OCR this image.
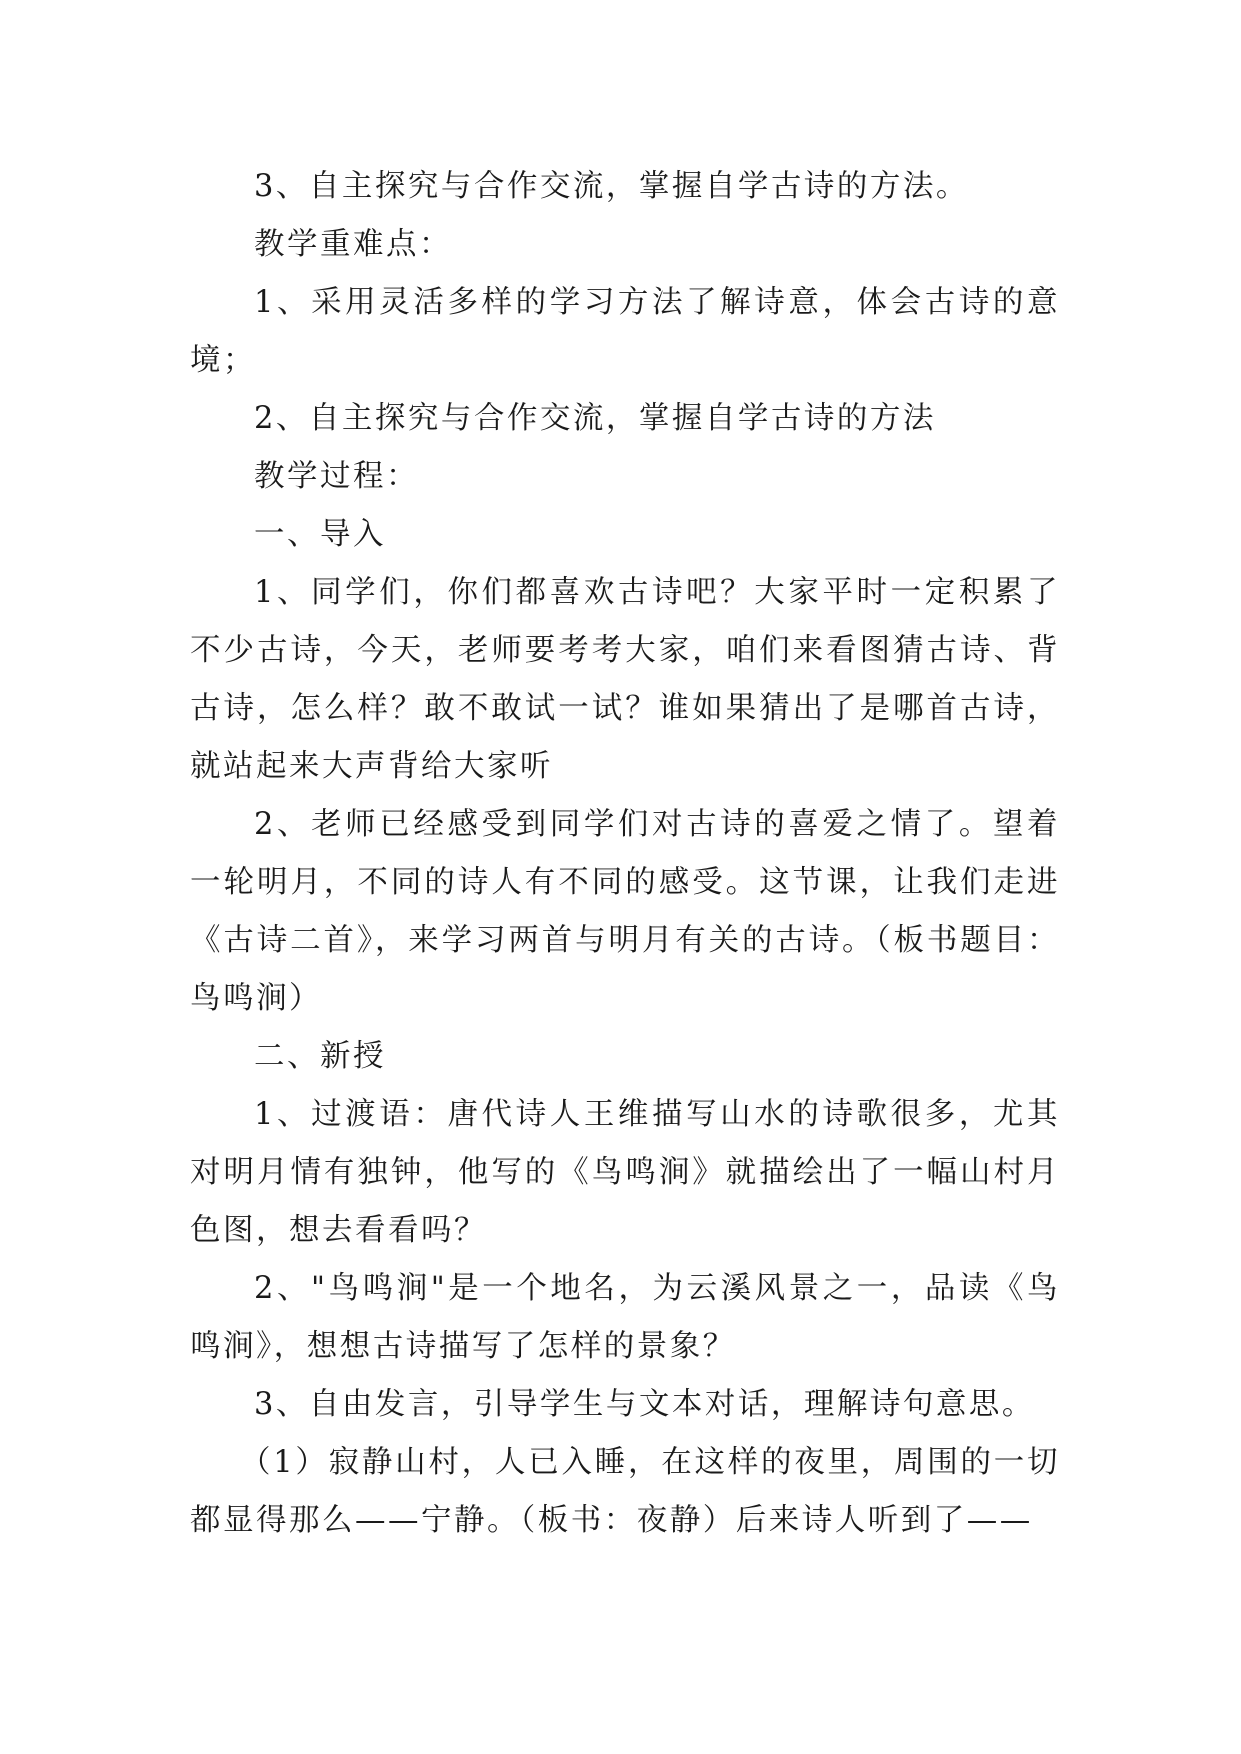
3、自主探究与合作交流，掌握自学古诗的方法。

教学重难点：

1、采用灵活多样的学习方法了解诗意，体会古诗的意境；

2、自主探究与合作交流，掌握自学古诗的方法

教学过程：

一、导入

1、同学们，你们都喜欢古诗吧？大家平时一定积累了不少古诗，今天，老师要考考大家，咱们来看图猜古诗、背古诗，怎么样？敢不敢试一试？谁如果猜出了是哪首古诗，就站起来大声背给大家听

2、老师已经感受到同学们对古诗的喜爱之情了。望着一轮明月，不同的诗人有不同的感受。这节课，让我们走进《古诗二首》，来学习两首与明月有关的古诗。（板书题目：鸟鸣涧）

二、新授

1、过渡语：唐代诗人王维描写山水的诗歌很多，尤其对明月情有独钟，他写的《鸟鸣涧》就描绘出了一幅山村月色图，想去看看吗？

2、"鸟鸣涧"是一个地名，为云溪风景之一，品读《鸟鸣涧》，想想古诗描写了怎样的景象？

3、自由发言，引导学生与文本对话，理解诗句意思。

（1）寂静山村，人已入睡，在这样的夜里，周围的一切都显得那么——宁静。（板书：夜静）后来诗人听到了——
